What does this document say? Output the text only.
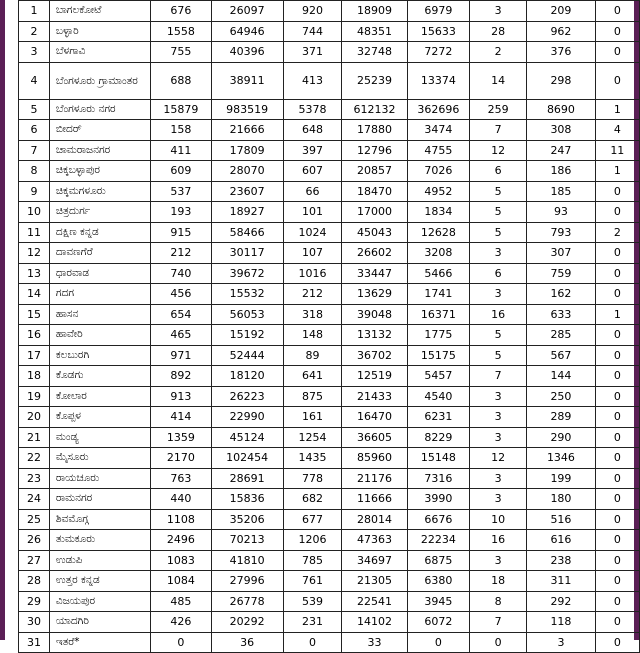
1	ಬಾಗಲಕೋಟೆ	676	26097	920	18909	6979	3	209	0
2	ಬಳ್ಳಾರಿ	1558	64946	744	48351	15633	28	962	0
3	ಬೆಳಗಾವಿ	755	40396	371	32748	7272	2	376	0
4	ಬೆಂಗಳೂರು ಗ್ರಾಮಾಂತರ	688	38911	413	25239	13374	14	298	0
5	ಬೆಂಗಳೂರು ನಗರ	15879	983519	5378	612132	362696	259	8690	1
6	ಬೀದರ್	158	21666	648	17880	3474	7	308	4
7	ಚಾಮರಾಜನಗರ	411	17809	397	12796	4755	12	247	11
8	ಚಿಕ್ಕಬಳ್ಳಾಪುರ	609	28070	607	20857	7026	6	186	1
9	ಚಿಕ್ಕಮಗಳೂರು	537	23607	66	18470	4952	5	185	0
10	ಚಿತ್ರದುರ್ಗ	193	18927	101	17000	1834	5	93	0
11	ದಕ್ಷಿಣ ಕನ್ನಡ	915	58466	1024	45043	12628	5	793	2
12	ದಾವಣಗೆರೆ	212	30117	107	26602	3208	3	307	0
13	ಧಾರವಾಡ	740	39672	1016	33447	5466	6	759	0
14	ಗದಗ	456	15532	212	13629	1741	3	162	0
15	ಹಾಸನ	654	56053	318	39048	16371	16	633	1
16	ಹಾವೇರಿ	465	15192	148	13132	1775	5	285	0
17	ಕಲಬುರಗಿ	971	52444	89	36702	15175	5	567	0
18	ಕೊಡಗು	892	18120	641	12519	5457	7	144	0
19	ಕೋಲಾರ	913	26223	875	21433	4540	3	250	0
20	ಕೊಪ್ಪಳ	414	22990	161	16470	6231	3	289	0
21	ಮಂಡ್ಯ	1359	45124	1254	36605	8229	3	290	0
22	ಮೈಸೂರು	2170	102454	1435	85960	15148	12	1346	0
23	ರಾಯಚೂರು	763	28691	778	21176	7316	3	199	0
24	ರಾಮನಗರ	440	15836	682	11666	3990	3	180	0
25	ಶಿವಮೊಗ್ಗ	1108	35206	677	28014	6676	10	516	0
26	ತುಮಕೂರು	2496	70213	1206	47363	22234	16	616	0
27	ಉಡುಪಿ	1083	41810	785	34697	6875	3	238	0
28	ಉತ್ತರ ಕನ್ನಡ	1084	27996	761	21305	6380	18	311	0
29	ವಿಜಯಪುರ	485	26778	539	22541	3945	8	292	0
30	ಯಾದಗಿರಿ	426	20292	231	14102	6072	7	118	0
31	ಇತರೆ*	0	36	0	33	0	0	3	0
